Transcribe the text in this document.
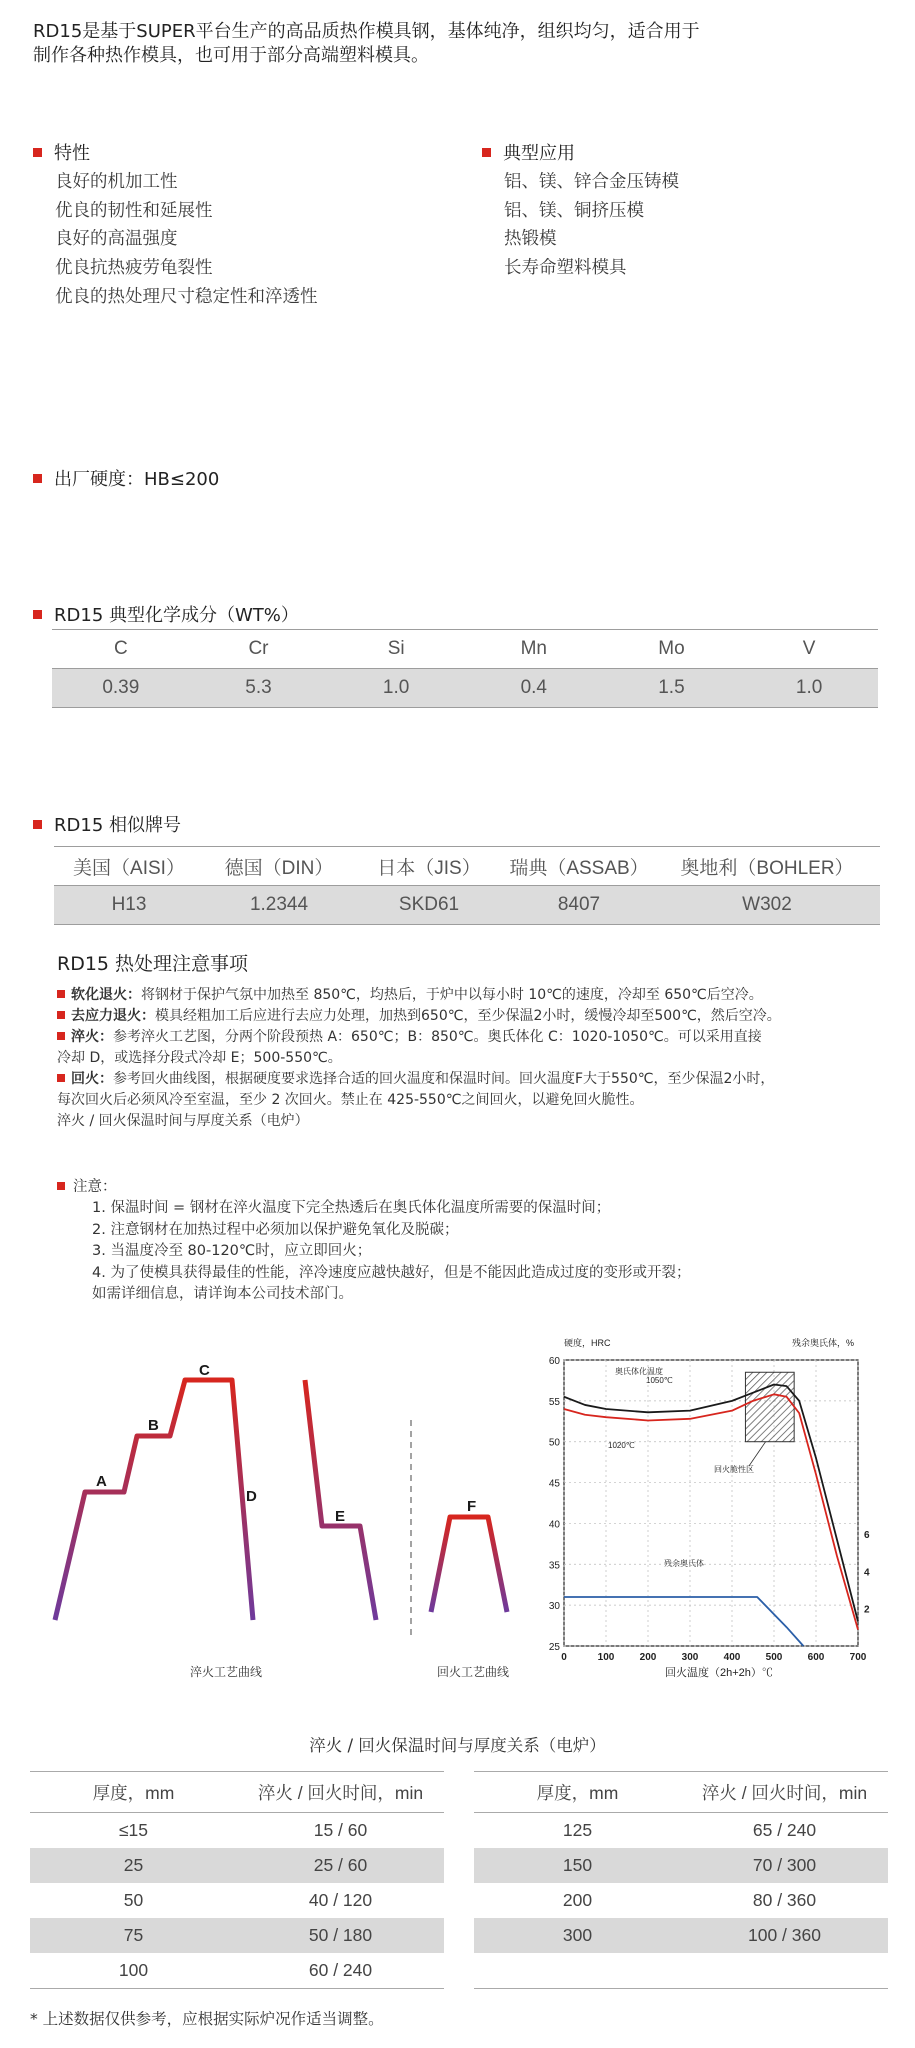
RD15是基于SUPER平台生产的高品质热作模具钢，基体纯净，组织均匀，适合用于
制作各种热作模具，也可用于部分高端塑料模具。
特性
良好的机加工性
优良的韧性和延展性
良好的高温强度
优良抗热疲劳龟裂性
优良的热处理尺寸稳定性和淬透性
典型应用
铝、镁、锌合金压铸模
铝、镁、铜挤压模
热锻模
长寿命塑料模具
出厂硬度：HB≤200
RD15 典型化学成分（WT%）
C	Cr	Si	Mn	Mo	V
0.39	5.3	1.0	0.4	1.5	1.0
RD15 相似牌号
美国（AISI）	德国（DIN）	日本（JIS）	瑞典（ASSAB）	奥地利（BOHLER）
H13	1.2344	SKD61	8407	W302
RD15 热处理注意事项
软化退火：将钢材于保护气氛中加热至 850℃，均热后，于炉中以每小时 10℃的速度，冷却至 650℃后空冷。
去应力退火：模具经粗加工后应进行去应力处理，加热到650℃，至少保温2小时，缓慢冷却至500℃，然后空冷。
淬火：参考淬火工艺图，分两个阶段预热 A：650℃；B：850℃。奥氏体化 C：1020-1050℃。可以采用直接
冷却 D，或选择分段式冷却 E；500-550℃。
回火：参考回火曲线图，根据硬度要求选择合适的回火温度和保温时间。回火温度F大于550℃，至少保温2小时，
每次回火后必须风冷至室温，至少 2 次回火。禁止在 425-550℃之间回火，以避免回火脆性。
淬火 / 回火保温时间与厚度关系（电炉）
注意：
1. 保温时间 = 钢材在淬火温度下完全热透后在奥氏体化温度所需要的保温时间；
2. 注意钢材在加热过程中必须加以保护避免氧化及脱碳；
3. 当温度冷至 80-120℃时，应立即回火；
4. 为了使模具获得最佳的性能，淬冷速度应越快越好，但是不能因此造成过度的变形或开裂；
如需详细信息，请详询本公司技术部门。
A
B
C
D
E
F
淬火工艺曲线	回火工艺曲线
硬度，HRC	残余奥氏体，%
回火温度（2h+2h）℃
奥氏体化温度
1050℃
1020℃
回火脆性区
残余奥氏体
25
30
35
40
45
50
55
60
0	100	200	300	400	500	600	700
2
4
6
淬火 / 回火保温时间与厚度关系（电炉）
厚度，mm	淬火 / 回火时间，min
≤15	15 / 60
25	25 / 60
50	40 / 120
75	50 / 180
100	60 / 240
厚度，mm	淬火 / 回火时间，min
125	65 / 240
150	70 / 300
200	80 / 360
300	100 / 360

* 上述数据仅供参考，应根据实际炉况作适当调整。
